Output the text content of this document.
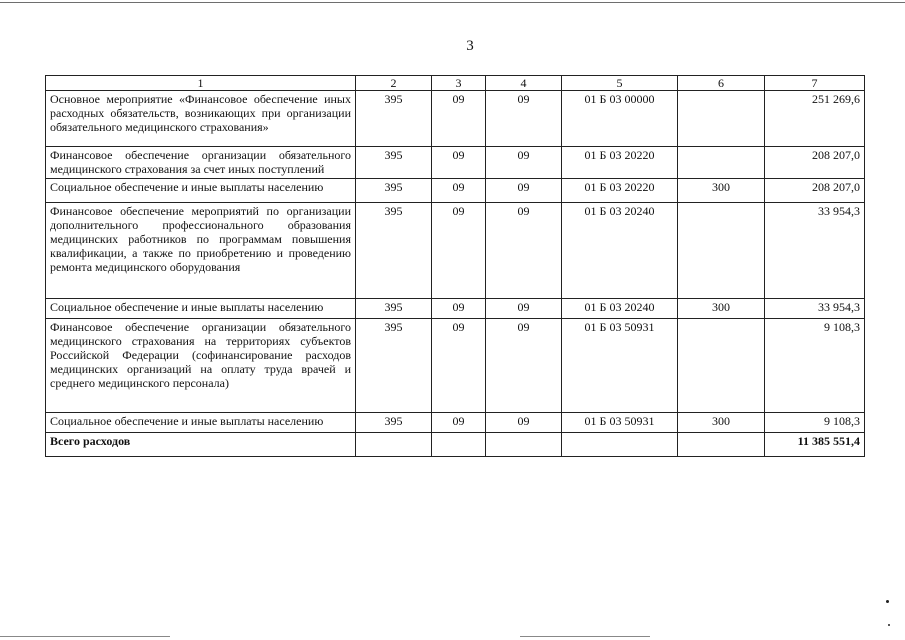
3
1	2	3	4	5	6	7
Основное мероприятие «Финансовое обеспечение иных расходных обязательств, возникающих при организации обязательного медицинского страхования»	395	09	09	01 Б 03 00000		251 269,6
Финансовое обеспечение организации обязательного медицинского страхования за счет иных поступлений	395	09	09	01 Б 03 20220		208 207,0
Социальное обеспечение и иные выплаты населению	395	09	09	01 Б 03 20220	300	208 207,0
Финансовое обеспечение мероприятий по организации дополнительного профессионального образования медицинских работников по программам повышения квалификации, а также по приобретению и проведению ремонта медицинского оборудования	395	09	09	01 Б 03 20240		33 954,3
Социальное обеспечение и иные выплаты населению	395	09	09	01 Б 03 20240	300	33 954,3
Финансовое обеспечение организации обязательного медицинского страхования на территориях субъектов Российской Федерации (софинансирование расходов медицинских организаций на оплату труда врачей и среднего медицинского персонала)	395	09	09	01 Б 03 50931		9 108,3
Социальное обеспечение и иные выплаты населению	395	09	09	01 Б 03 50931	300	9 108,3
Всего расходов						11 385 551,4
